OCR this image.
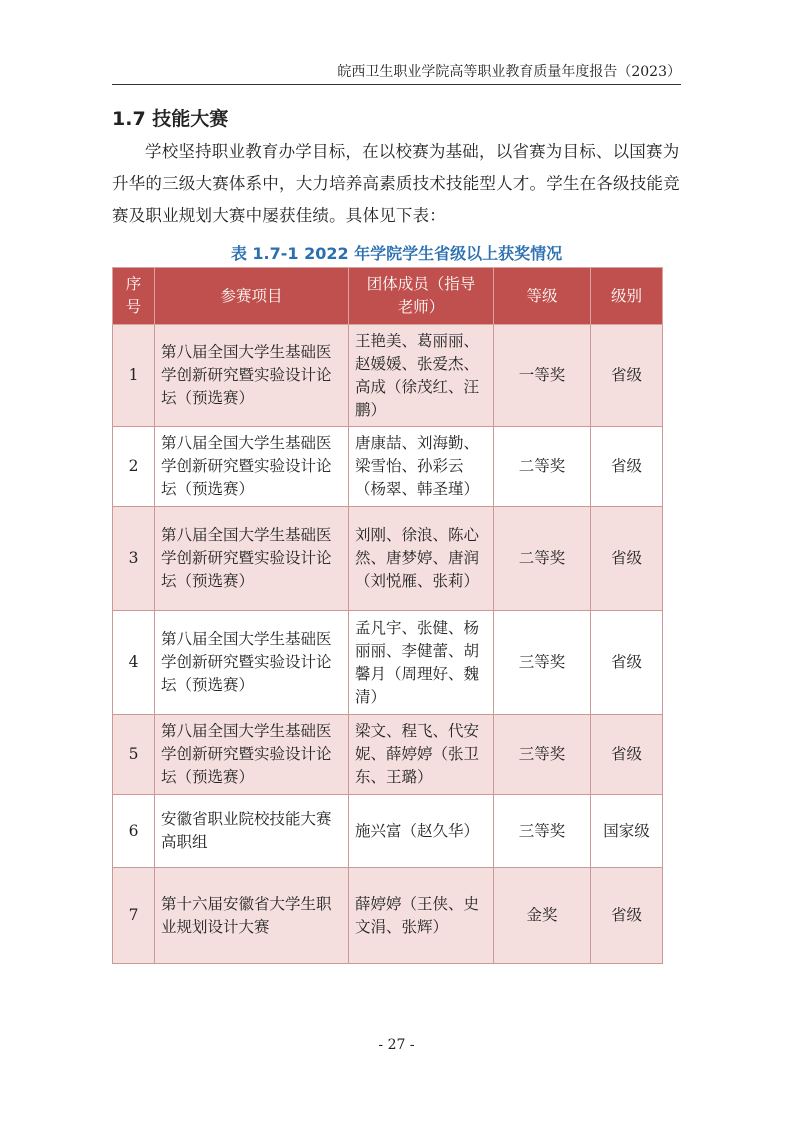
皖西卫生职业学院高等职业教育质量年度报告（2023）
1.7 技能大赛
学校坚持职业教育办学目标，在以校赛为基础，以省赛为目标、以国赛为升华的三级大赛体系中，大力培养高素质技术技能型人才。学生在各级技能竞赛及职业规划大赛中屡获佳绩。具体见下表：
表 1.7-1 2022 年学院学生省级以上获奖情况
序号	参赛项目	团体成员（指导老师）	等级	级别
1	第八届全国大学生基础医学创新研究暨实验设计论坛（预选赛）	王艳美、葛丽丽、赵媛媛、张爱杰、高成（徐茂红、汪鹏）	一等奖	省级
2	第八届全国大学生基础医学创新研究暨实验设计论坛（预选赛）	唐康喆、刘海勤、梁雪怡、孙彩云（杨翠、韩圣瑾）	二等奖	省级
3	第八届全国大学生基础医学创新研究暨实验设计论坛（预选赛）	刘刚、徐浪、陈心然、唐梦婷、唐润（刘悦雁、张莉）	二等奖	省级
4	第八届全国大学生基础医学创新研究暨实验设计论坛（预选赛）	孟凡宇、张健、杨丽丽、李健蕾、胡馨月（周理好、魏清）	三等奖	省级
5	第八届全国大学生基础医学创新研究暨实验设计论坛（预选赛）	梁文、程飞、代安妮、薛婷婷（张卫东、王璐）	三等奖	省级
6	安徽省职业院校技能大赛高职组	施兴富（赵久华）	三等奖	国家级
7	第十六届安徽省大学生职业规划设计大赛	薛婷婷（王侠、史文涓、张辉）	金奖	省级
- 27 -
